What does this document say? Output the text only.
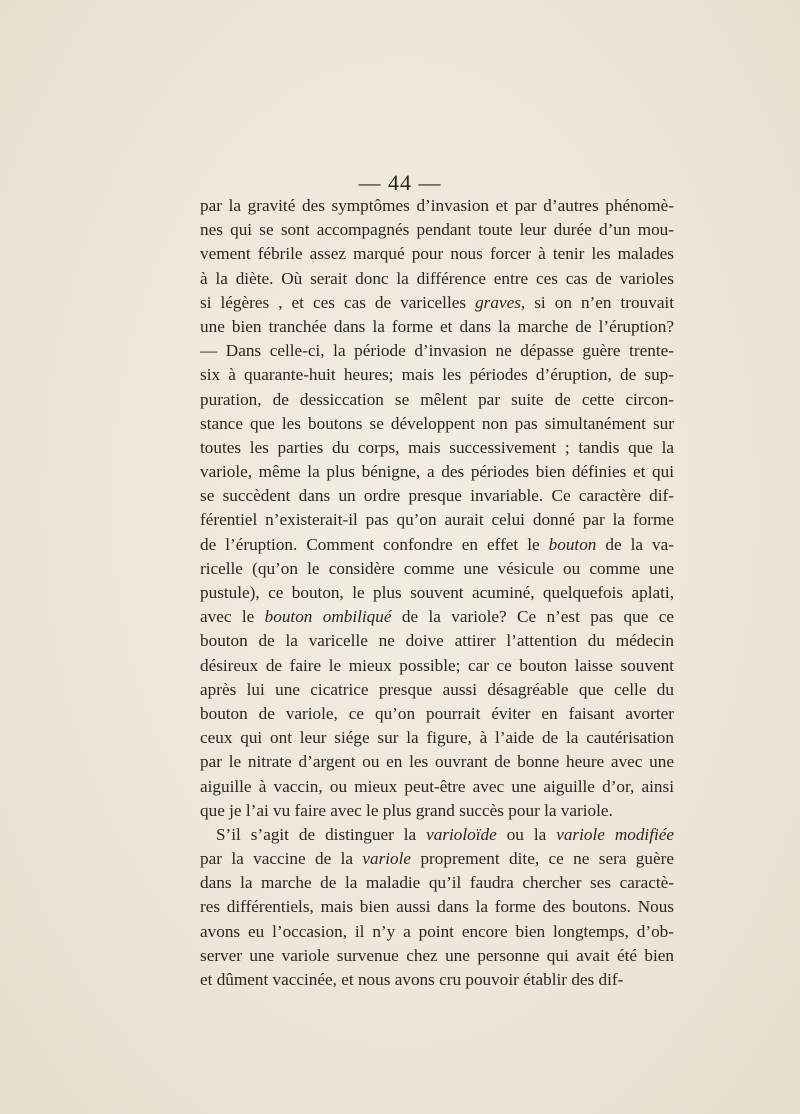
— 44 —
par la gravité des symptômes d’invasion et par d’autres phénomè-
nes qui se sont accompagnés pendant toute leur durée d’un mou-
vement fébrile assez marqué pour nous forcer à tenir les malades
à la diète. Où serait donc la différence entre ces cas de varioles
si légères , et ces cas de varicelles graves, si on n’en trouvait
une bien tranchée dans la forme et dans la marche de l’éruption?
— Dans celle-ci, la période d’invasion ne dépasse guère trente-
six à quarante-huit heures; mais les périodes d’éruption, de sup-
puration, de dessiccation se mêlent par suite de cette circon-
stance que les boutons se développent non pas simultanément sur
toutes les parties du corps, mais successivement ; tandis que la
variole, même la plus bénigne, a des périodes bien définies et qui
se succèdent dans un ordre presque invariable. Ce caractère dif-
férentiel n’existerait-il pas qu’on aurait celui donné par la forme
de l’éruption. Comment confondre en effet le bouton de la va-
ricelle (qu’on le considère comme une vésicule ou comme une
pustule), ce bouton, le plus souvent acuminé, quelquefois aplati,
avec le bouton ombiliqué de la variole? Ce n’est pas que ce
bouton de la varicelle ne doive attirer l’attention du médecin
désireux de faire le mieux possible; car ce bouton laisse souvent
après lui une cicatrice presque aussi désagréable que celle du
bouton de variole, ce qu’on pourrait éviter en faisant avorter
ceux qui ont leur siége sur la figure, à l’aide de la cautérisation
par le nitrate d’argent ou en les ouvrant de bonne heure avec une
aiguille à vaccin, ou mieux peut-être avec une aiguille d’or, ainsi
que je l’ai vu faire avec le plus grand succès pour la variole.
S’il s’agit de distinguer la varioloïde ou la variole modifiée
par la vaccine de la variole proprement dite, ce ne sera guère
dans la marche de la maladie qu’il faudra chercher ses caractè-
res différentiels, mais bien aussi dans la forme des boutons. Nous
avons eu l’occasion, il n’y a point encore bien longtemps, d’ob-
server une variole survenue chez une personne qui avait été bien
et dûment vaccinée, et nous avons cru pouvoir établir des dif-
